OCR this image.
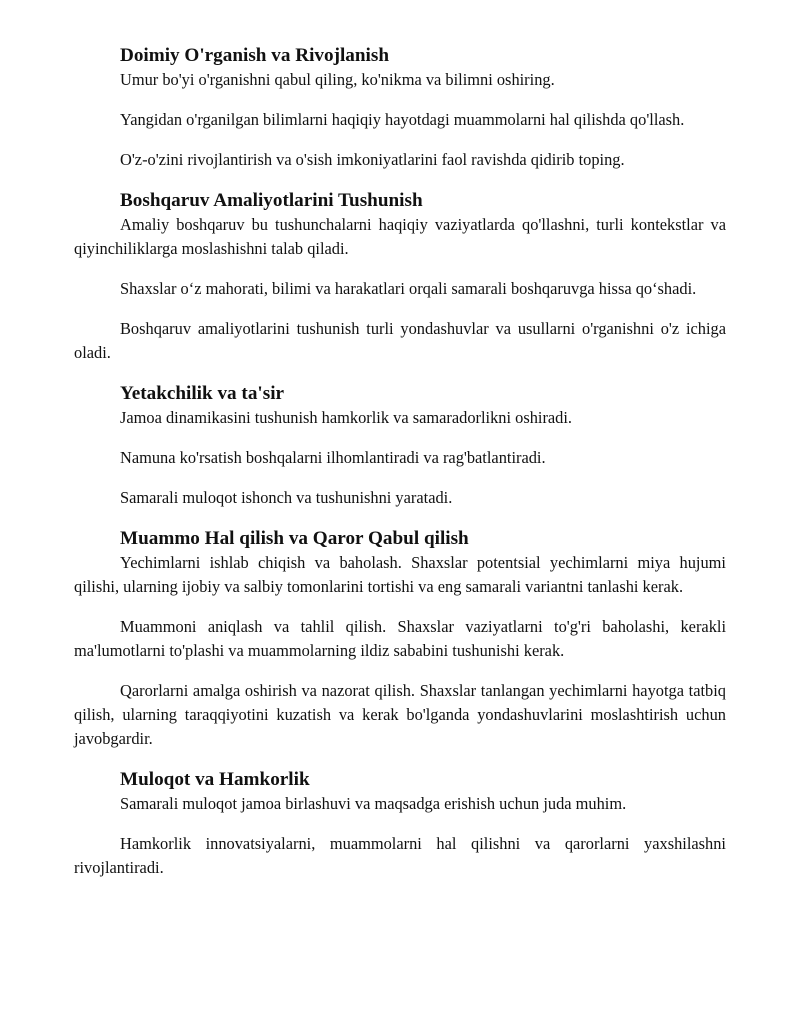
Doimiy O'rganish va Rivojlanish

Umur bo'yi o'rganishni qabul qiling, ko'nikma va bilimni oshiring.

Yangidan o'rganilgan bilimlarni haqiqiy hayotdagi muammolarni hal qilishda qo'llash.

O'z-o'zini rivojlantirish va o'sish imkoniyatlarini faol ravishda qidirib toping.

Boshqaruv Amaliyotlarini Tushunish

Amaliy boshqaruv bu tushunchalarni haqiqiy vaziyatlarda qo'llashni, turli kontekstlar va qiyinchiliklarga moslashishni talab qiladi.

Shaxslar o‘z mahorati, bilimi va harakatlari orqali samarali boshqaruvga hissa qo‘shadi.

Boshqaruv amaliyotlarini tushunish turli yondashuvlar va usullarni o'rganishni o'z ichiga oladi.

Yetakchilik va ta'sir

Jamoa dinamikasini tushunish hamkorlik va samaradorlikni oshiradi.

Namuna ko'rsatish boshqalarni ilhomlantiradi va rag'batlantiradi.

Samarali muloqot ishonch va tushunishni yaratadi.

Muammo Hal qilish va Qaror Qabul qilish

Yechimlarni ishlab chiqish va baholash. Shaxslar potentsial yechimlarni miya hujumi qilishi, ularning ijobiy va salbiy tomonlarini tortishi va eng samarali variantni tanlashi kerak.

Muammoni aniqlash va tahlil qilish. Shaxslar vaziyatlarni to'g'ri baholashi, kerakli ma'lumotlarni to'plashi va muammolarning ildiz sababini tushunishi kerak.

Qarorlarni amalga oshirish va nazorat qilish. Shaxslar tanlangan yechimlarni hayotga tatbiq qilish, ularning taraqqiyotini kuzatish va kerak bo'lganda yondashuvlarini moslashtirish uchun javobgardir.

Muloqot va Hamkorlik

Samarali muloqot jamoa birlashuvi va maqsadga erishish uchun juda muhim.

Hamkorlik innovatsiyalarni, muammolarni hal qilishni va qarorlarni yaxshilashni rivojlantiradi.
